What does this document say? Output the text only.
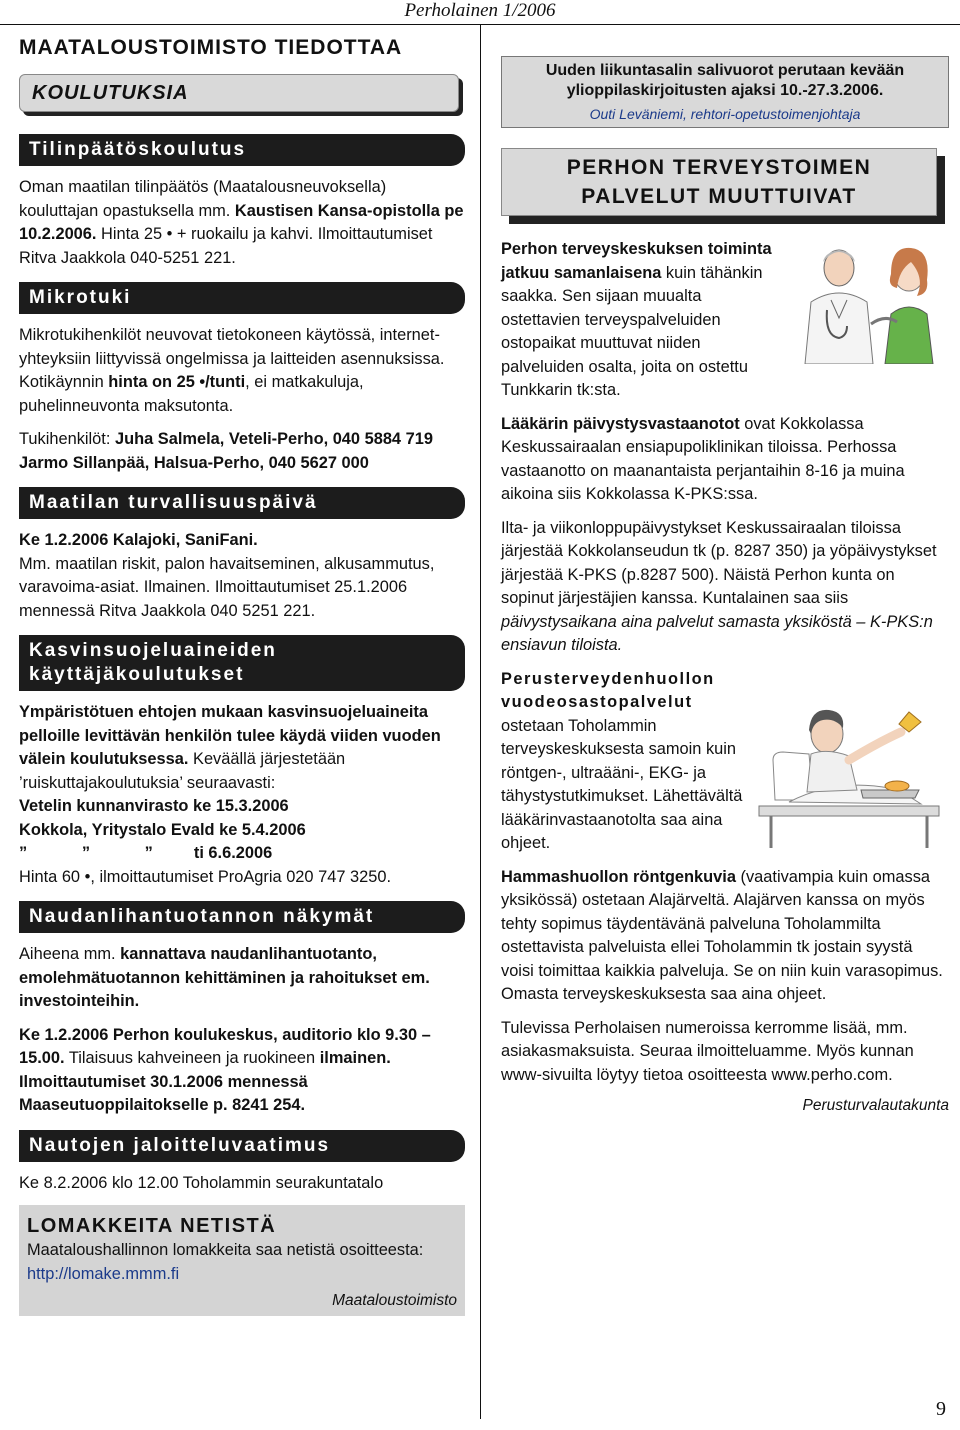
Perholainen 1/2006
MAATALOUSTOIMISTO TIEDOTTAA
KOULUTUKSIA
Tilinpäätöskoulutus

Oman maatilan tilinpäätös (Maatalousneuvoksella) kouluttajan opastuksella mm. Kaustisen Kansa-opistolla pe 10.2.2006. Hinta 25 • + ruokailu ja kahvi. Ilmoittautumiset Ritva Jaakkola 040-5251 221.

Mikrotuki

Mikrotukihenkilöt neuvovat tietokoneen käytössä, internet-yhteyksiin liittyvissä ongelmissa ja laitteiden asennuksissa. Kotikäynnin hinta on 25 •/tunti, ei matkakuluja, puhelinneuvonta maksutonta.

Tukihenkilöt: Juha Salmela, Veteli-Perho, 040 5884 719
Jarmo Sillanpää, Halsua-Perho, 040 5627 000

Maatilan turvallisuuspäivä

Ke 1.2.2006 Kalajoki, SaniFani.
Mm. maatilan riskit, palon havaitseminen, alkusammutus, varavoima-asiat. Ilmainen. Ilmoittautumiset 25.1.2006 mennessä Ritva Jaakkola 040 5251 221.

Kasvinsuojeluaineiden käyttäjäkoulutukset

Ympäristötuen ehtojen mukaan kasvinsuojeluaineita pelloille levittävän henkilön tulee käydä viiden vuoden välein koulutuksessa. Keväällä järjestetään ’ruiskuttajakoulutuksia’ seuraavasti:
Vetelin kunnanvirasto ke 15.3.2006
Kokkola, Yritystalo Evald ke 5.4.2006
”            ”            ”         ti 6.6.2006
Hinta 60 •, ilmoittautumiset ProAgria 020 747 3250.

Naudanlihantuotannon näkymät

Aiheena mm. kannattava naudanlihantuotanto, emolehmätuotannon kehittäminen ja rahoitukset em. investointeihin.

Ke 1.2.2006 Perhon koulukeskus, auditorio klo 9.30 – 15.00. Tilaisuus kahveineen ja ruokineen ilmainen. Ilmoittautumiset 30.1.2006 mennessä Maaseutuoppilaitokselle p. 8241 254.

Nautojen jaloitteluvaatimus

Ke 8.2.2006 klo 12.00 Toholammin seurakuntatalo

LOMAKKEITA NETISTÄ
Maataloushallinnon lomakkeita saa netistä osoitteesta: http://lomake.mmm.fi
Maataloustoimisto
Uuden liikuntasalin salivuorot perutaan kevään ylioppilaskirjoitusten ajaksi 10.-27.3.2006.
Outi Leväniemi, rehtori-opetustoimenjohtaja
PERHON TERVEYSTOIMEN PALVELUT MUUTTUIVAT

Perhon terveyskeskuksen toiminta jatkuu samanlaisena kuin tähänkin saakka. Sen sijaan muualta ostettavien terveyspalveluiden ostopaikat muuttuvat niiden palveluiden osalta, joita on ostettu Tunkkarin tk:sta.

Lääkärin päivystysvastaanotot ovat Kokkolassa Keskussairaalan ensiapupoliklinikan tiloissa. Perhossa vastaanotto on maanantaista perjantaihin 8-16 ja muina aikoina siis Kokkolassa K-PKS:ssa.

Ilta- ja viikonloppupäivystykset Keskussairaalan tiloissa järjestää Kokkolanseudun tk (p. 8287 350) ja yöpäivystykset järjestää K-PKS (p.8287 500). Näistä Perhon kunta on sopinut järjestäjien kanssa. Kuntalainen saa siis päivystysaikana aina palvelut samasta yksiköstä – K-PKS:n ensiavun tiloista.

Perusterveydenhuollon vuodeosastopalvelut ostetaan Toholammin terveyskeskuksesta samoin kuin röntgen-, ultraääni-, EKG- ja tähystystutkimukset. Lähettävältä lääkärinvastaanotolta saa aina ohjeet.

Hammashuollon röntgenkuvia (vaativampia kuin omassa yksikössä) ostetaan Alajärveltä. Alajärven kanssa on myös tehty sopimus täydentävänä palveluna Toholammilta ostettavista palveluista ellei Toholammin tk jostain syystä voisi toimittaa kaikkia palveluja. Se on niin kuin varasopimus. Omasta terveyskeskuksesta saa aina ohjeet.

Tulevissa Perholaisen numeroissa kerromme lisää, mm. asiakasmaksuista. Seuraa ilmoitteluamme. Myös kunnan www-sivuilta löytyy tietoa osoitteesta www.perho.com.

Perusturvalautakunta
9
